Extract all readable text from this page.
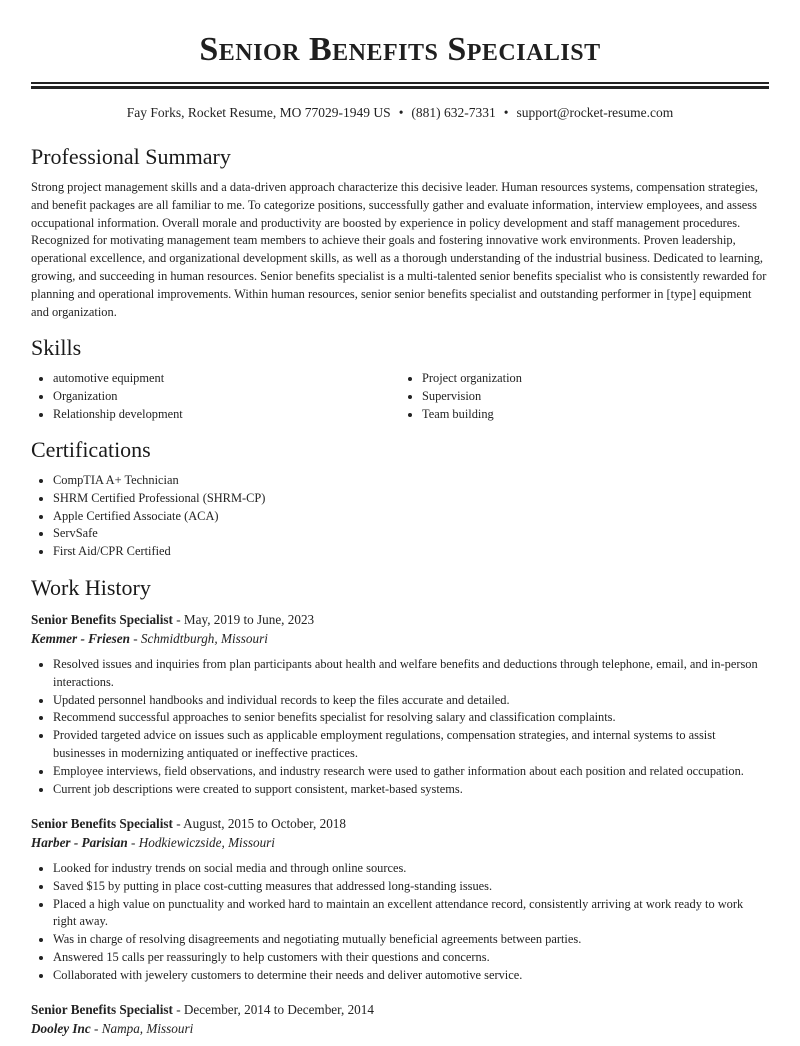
Senior Benefits Specialist
Fay Forks, Rocket Resume, MO 77029-1949 US • (881) 632-7331 • support@rocket-resume.com
Professional Summary

Strong project management skills and a data-driven approach characterize this decisive leader. Human resources systems, compensation strategies, and benefit packages are all familiar to me. To categorize positions, successfully gather and evaluate information, interview employees, and assess occupational information. Overall morale and productivity are boosted by experience in policy development and staff management procedures. Recognized for motivating management team members to achieve their goals and fostering innovative work environments. Proven leadership, operational excellence, and organizational development skills, as well as a thorough understanding of the industrial business. Dedicated to learning, growing, and succeeding in human resources. Senior benefits specialist is a multi-talented senior benefits specialist who is consistently rewarded for planning and operational improvements. Within human resources, senior senior benefits specialist and outstanding performer in [type] equipment and organization.

Skills
• automotive equipment
• Organization
• Relationship development
• Project organization
• Supervision
• Team building
Certifications
• CompTIA A+ Technician
• SHRM Certified Professional (SHRM-CP)
• Apple Certified Associate (ACA)
• ServSafe
• First Aid/CPR Certified
Work History

Senior Benefits Specialist - May, 2019 to June, 2023

Kemmer - Friesen - Schmidtburgh, Missouri

• Resolved issues and inquiries from plan participants about health and welfare benefits and deductions through telephone, email, and in-person interactions.
• Updated personnel handbooks and individual records to keep the files accurate and detailed.
• Recommend successful approaches to senior benefits specialist for resolving salary and classification complaints.
• Provided targeted advice on issues such as applicable employment regulations, compensation strategies, and internal systems to assist businesses in modernizing antiquated or ineffective practices.
• Employee interviews, field observations, and industry research were used to gather information about each position and related occupation.
• Current job descriptions were created to support consistent, market-based systems.

Senior Benefits Specialist - August, 2015 to October, 2018

Harber - Parisian - Hodkiewiczside, Missouri

• Looked for industry trends on social media and through online sources.
• Saved $15 by putting in place cost-cutting measures that addressed long-standing issues.
• Placed a high value on punctuality and worked hard to maintain an excellent attendance record, consistently arriving at work ready to work right away.
• Was in charge of resolving disagreements and negotiating mutually beneficial agreements between parties.
• Answered 15 calls per reassuringly to help customers with their questions and concerns.
• Collaborated with jewelery customers to determine their needs and deliver automotive service.

Senior Benefits Specialist - December, 2014 to December, 2014

Dooley Inc - Nampa, Missouri
